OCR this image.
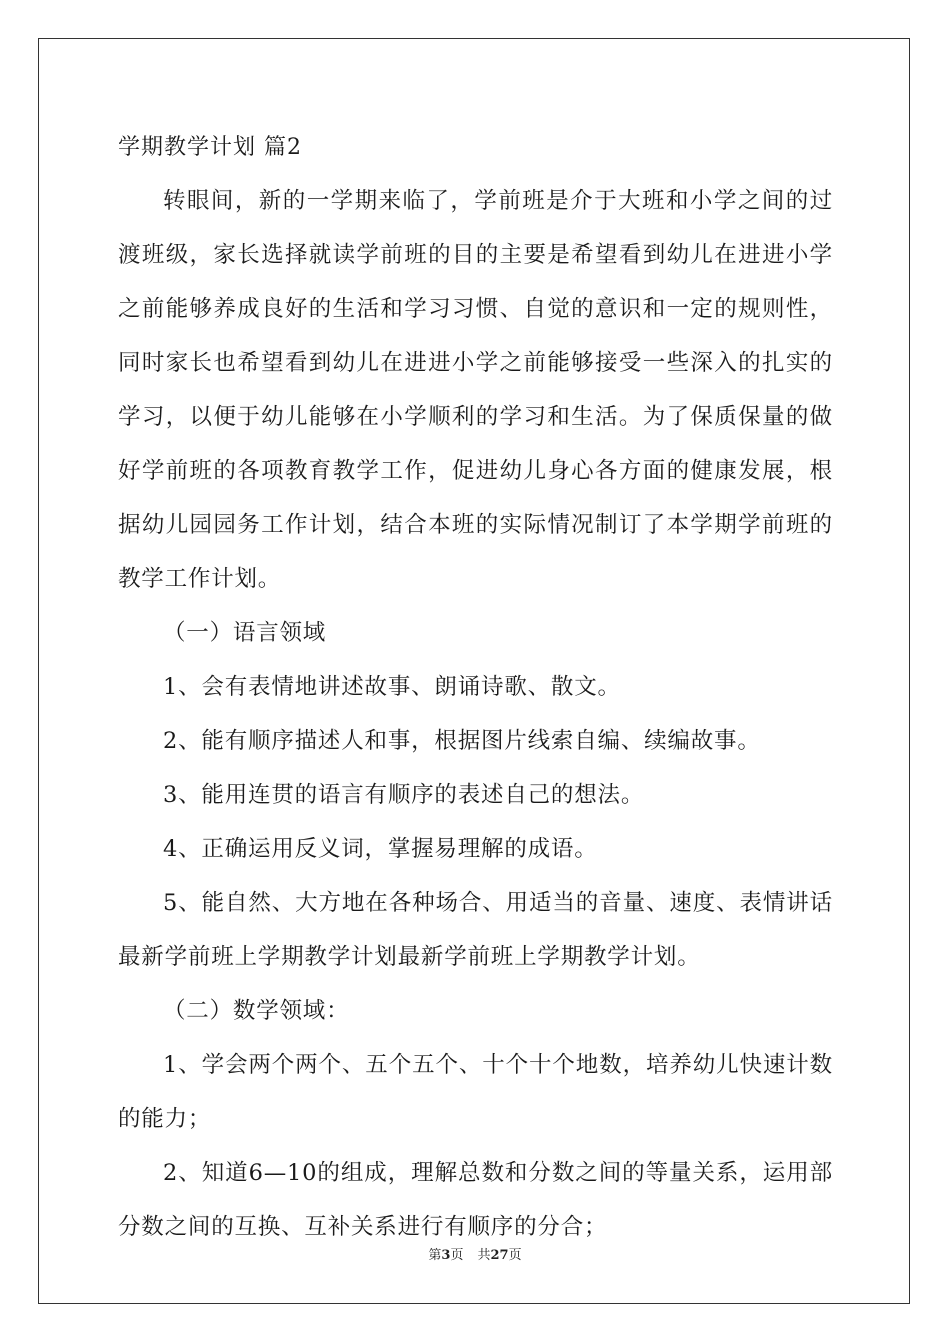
学期教学计划 篇2

转眼间，新的一学期来临了，学前班是介于大班和小学之间的过渡班级，家长选择就读学前班的目的主要是希望看到幼儿在进进小学之前能够养成良好的生活和学习习惯、自觉的意识和一定的规则性，同时家长也希望看到幼儿在进进小学之前能够接受一些深入的扎实的学习，以便于幼儿能够在小学顺利的学习和生活。为了保质保量的做好学前班的各项教育教学工作，促进幼儿身心各方面的健康发展，根据幼儿园园务工作计划，结合本班的实际情况制订了本学期学前班的教学工作计划。

（一）语言领域

1、会有表情地讲述故事、朗诵诗歌、散文。

2、能有顺序描述人和事，根据图片线索自编、续编故事。

3、能用连贯的语言有顺序的表述自己的想法。

4、正确运用反义词，掌握易理解的成语。

5、能自然、大方地在各种场合、用适当的音量、速度、表情讲话最新学前班上学期教学计划最新学前班上学期教学计划。

（二）数学领域：

1、学会两个两个、五个五个、十个十个地数，培养幼儿快速计数的能力；

2、知道6—10的组成，理解总数和分数之间的等量关系，运用部分数之间的互换、互补关系进行有顺序的分合；

第3页 共27页
